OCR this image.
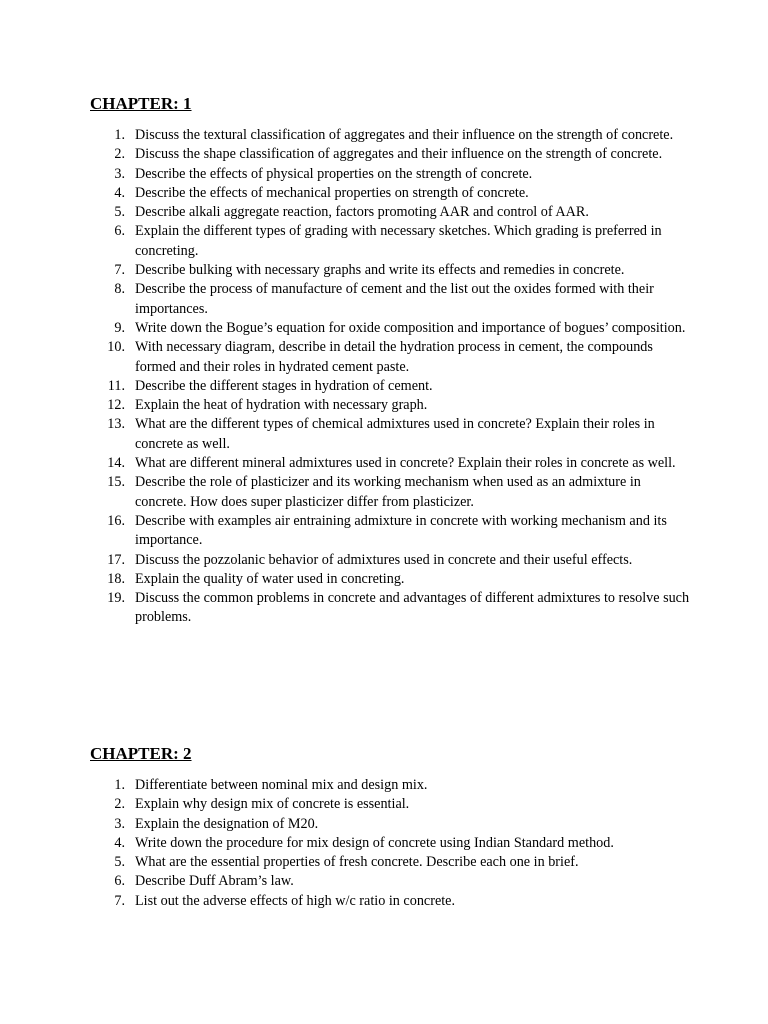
CHAPTER: 1
1. Discuss the textural classification of aggregates and their influence on the strength of concrete.
2. Discuss the shape classification of aggregates and their influence on the strength of concrete.
3. Describe the effects of physical properties on the strength of concrete.
4. Describe the effects of mechanical properties on strength of concrete.
5. Describe alkali aggregate reaction, factors promoting AAR and control of AAR.
6. Explain the different types of grading with necessary sketches. Which grading is preferred in concreting.
7. Describe bulking with necessary graphs and write its effects and remedies in concrete.
8. Describe the process of manufacture of cement and the list out the oxides formed with their importances.
9. Write down the Bogue’s equation for oxide composition and importance of bogues’ composition.
10. With necessary diagram, describe in detail the hydration process in cement, the compounds formed and their roles in hydrated cement paste.
11. Describe the different stages in hydration of cement.
12. Explain the heat of hydration with necessary graph.
13. What are the different types of chemical admixtures used in concrete? Explain their roles in concrete as well.
14. What are different mineral admixtures used in concrete? Explain their roles in concrete as well.
15. Describe the role of plasticizer and its working mechanism when used as an admixture in concrete. How does super plasticizer differ from plasticizer.
16. Describe with examples air entraining admixture in concrete with working mechanism and its importance.
17. Discuss the pozzolanic behavior of admixtures used in concrete and their useful effects.
18. Explain the quality of water used in concreting.
19. Discuss the common problems in concrete and advantages of different admixtures to resolve such problems.
CHAPTER: 2
1. Differentiate between nominal mix and design mix.
2. Explain why design mix of concrete is essential.
3. Explain the designation of M20.
4. Write down the procedure for mix design of concrete using Indian Standard method.
5. What are the essential properties of fresh concrete. Describe each one in brief.
6. Describe Duff Abram’s law.
7. List out the adverse effects of high w/c ratio in concrete.
